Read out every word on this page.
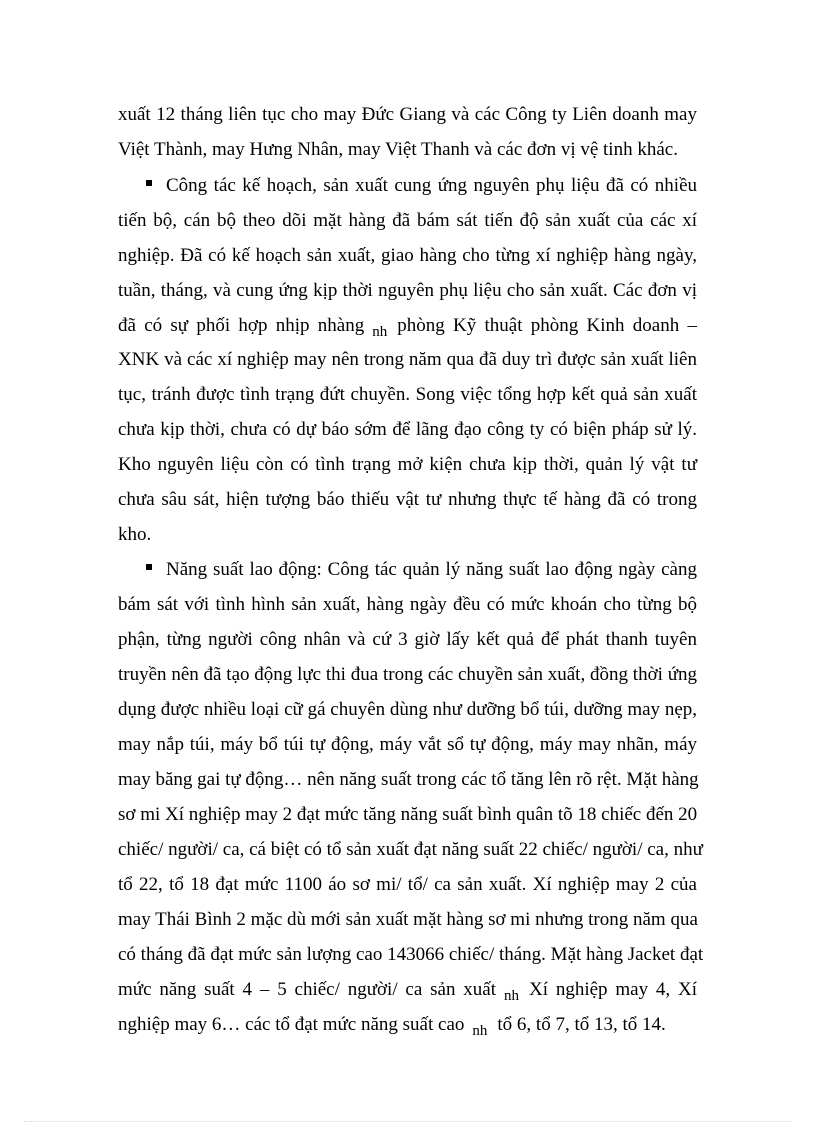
xuất 12 tháng liên tục cho may Đức Giang và các Công ty Liên doanh may
Việt Thành, may Hưng Nhân, may Việt Thanh và các đơn vị vệ tinh khác.
Công tác kế hoạch, sản xuất cung ứng nguyên phụ liệu đã có nhiều
tiến bộ, cán bộ theo dõi mặt hàng đã bám sát tiến độ sản xuất của các xí
nghiệp. Đã có kế hoạch sản xuất, giao hàng cho từng xí nghiệp hàng ngày,
tuần, tháng, và cung ứng kịp thời nguyên phụ liệu cho sản xuất. Các đơn vị
đã có sự phối hợp nhịp nhàng $_{nh}$ phòng Kỹ thuật phòng Kinh doanh –
XNK và các xí nghiệp may nên trong năm qua đã duy trì được sản xuất liên
tục, tránh được tình trạng đứt chuyền. Song việc tổng hợp kết quả sản xuất
chưa kịp thời, chưa có dự báo sớm để lãng đạo công ty có biện pháp sử lý.
Kho nguyên liệu còn có tình trạng mở kiện chưa kịp thời, quản lý vật tư
chưa sâu sát, hiện tượng báo thiếu vật tư nhưng thực tế hàng đã có trong
kho.
Năng suất lao động: Công tác quản lý năng suất lao động ngày càng
bám sát với tình hình sản xuất, hàng ngày đều có mức khoán cho từng bộ
phận, từng người công nhân và cứ 3 giờ lấy kết quả để phát thanh tuyên
truyền nên đã tạo động lực thi đua trong các chuyền sản xuất, đồng thời ứng
dụng được nhiều loại cữ gá chuyên dùng như dưỡng bổ túi, dưỡng may nẹp,
may nắp túi, máy bổ túi tự động, máy vắt sổ tự động, máy may nhãn, máy
may băng gai tự động… nên năng suất trong các tổ tăng lên rõ rệt. Mặt hàng
sơ mi Xí nghiệp may 2 đạt mức tăng năng suất bình quân tõ 18 chiếc đến 20
chiếc/ người/ ca, cá biệt có tổ sản xuất đạt năng suất 22 chiếc/ người/ ca, như
tổ 22, tổ 18 đạt mức 1100 áo sơ mi/ tổ/ ca sản xuất. Xí nghiệp may 2 của
may Thái Bình 2 mặc dù mới sản xuất mặt hàng sơ mi nhưng trong năm qua
có tháng đã đạt mức sản lượng cao 143066 chiếc/ tháng. Mặt hàng Jacket đạt
mức năng suất 4 – 5 chiếc/ người/ ca sản xuất $_{nh}$ Xí nghiệp may 4, Xí
nghiệp may 6… các tổ đạt mức năng suất cao $_{nh}$ tổ 6, tổ 7, tổ 13, tổ 14.
